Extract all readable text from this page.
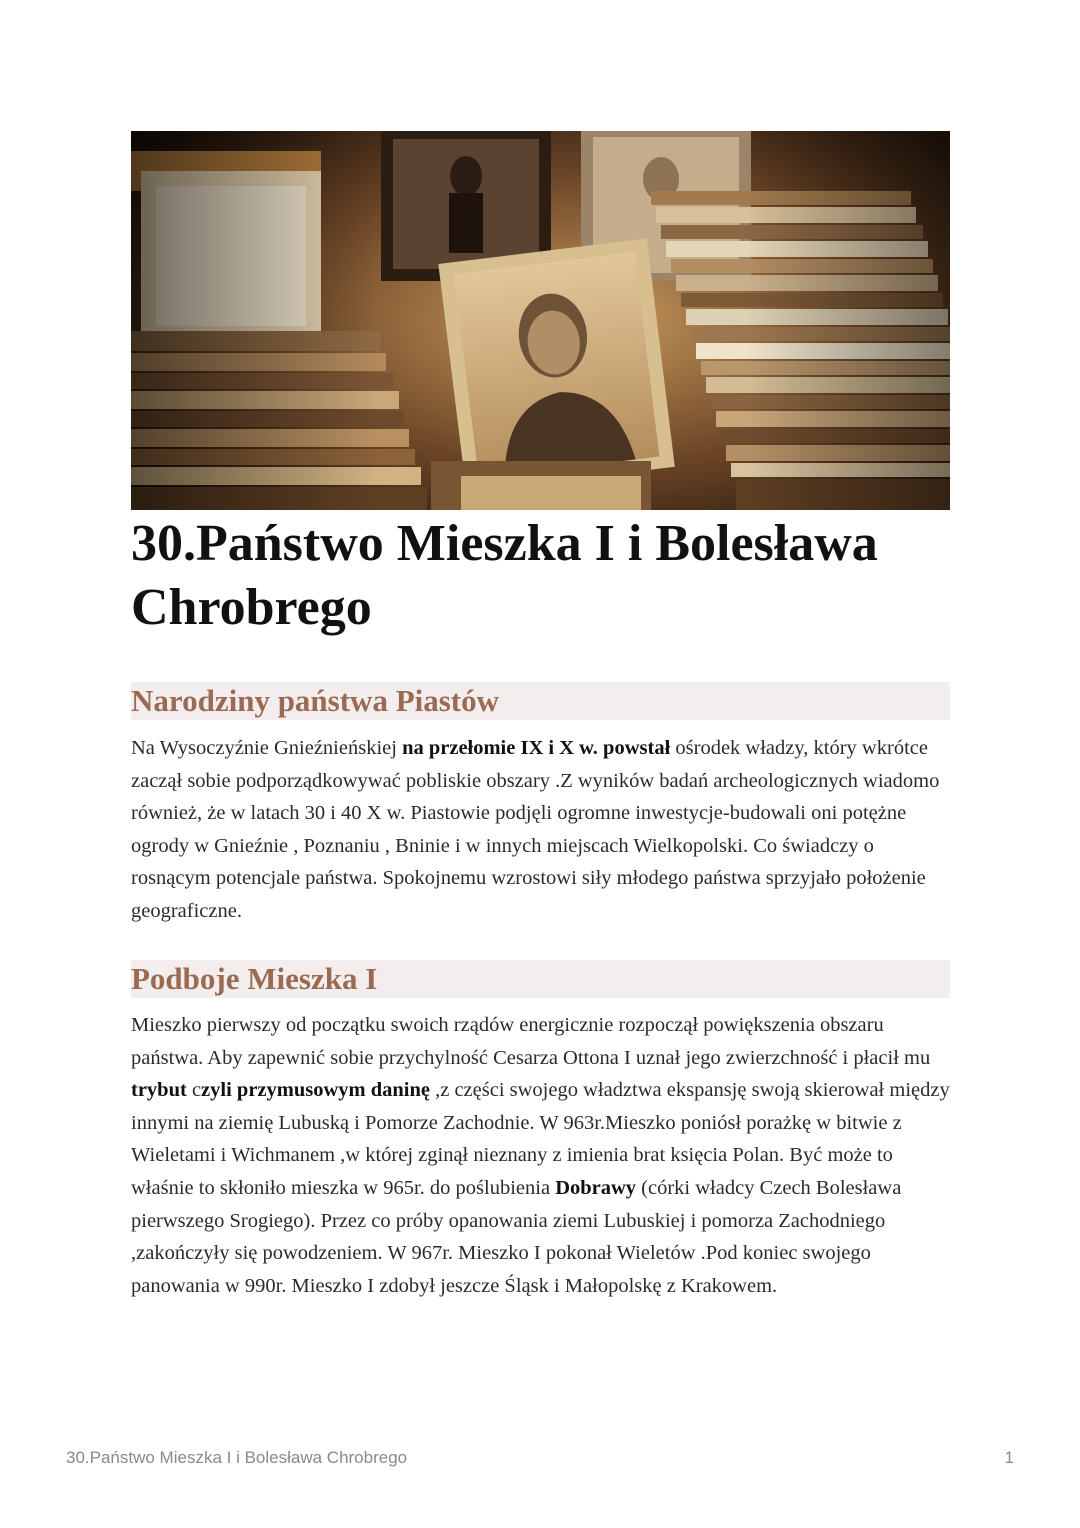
30.Państwo Mieszka I i Bolesława Chrobrego
Narodziny państwa Piastów

Na Wysoczyźnie Gnieźnieńskiej na przełomie IX i X w. powstał ośrodek władzy, który wkrótce zaczął sobie podporządkowywać pobliskie obszary .Z wyników badań archeologicznych wiadomo również, że w latach 30 i 40 X w. Piastowie podjęli ogromne inwestycje-budowali oni potężne ogrody w Gnieźnie , Poznaniu , Bninie i w innych miejscach Wielkopolski. Co świadczy o rosnącym potencjale państwa. Spokojnemu wzrostowi siły młodego państwa sprzyjało położenie geograficzne.

Podboje Mieszka I

Mieszko pierwszy od początku swoich rządów energicznie rozpoczął powiększenia obszaru państwa. Aby zapewnić sobie przychylność Cesarza Ottona I uznał jego zwierzchność i płacił mu trybut czyli przymusowym daninę ,z części swojego władztwa ekspansję swoją skierował między innymi na ziemię Lubuską i Pomorze Zachodnie. W 963r.Mieszko poniósł porażkę w bitwie z Wieletami i Wichmanem ,w której zginął nieznany z imienia brat księcia Polan. Być może to właśnie to skłoniło mieszka w 965r. do poślubienia Dobrawy (córki władcy Czech Bolesława pierwszego Srogiego). Przez co próby opanowania ziemi Lubuskiej i pomorza Zachodniego ,zakończyły się powodzeniem. W 967r. Mieszko I pokonał Wieletów .Pod koniec swojego panowania w 990r. Mieszko I zdobył jeszcze Śląsk i Małopolskę z Krakowem.

30.Państwo Mieszka I i Bolesława Chrobrego	1
